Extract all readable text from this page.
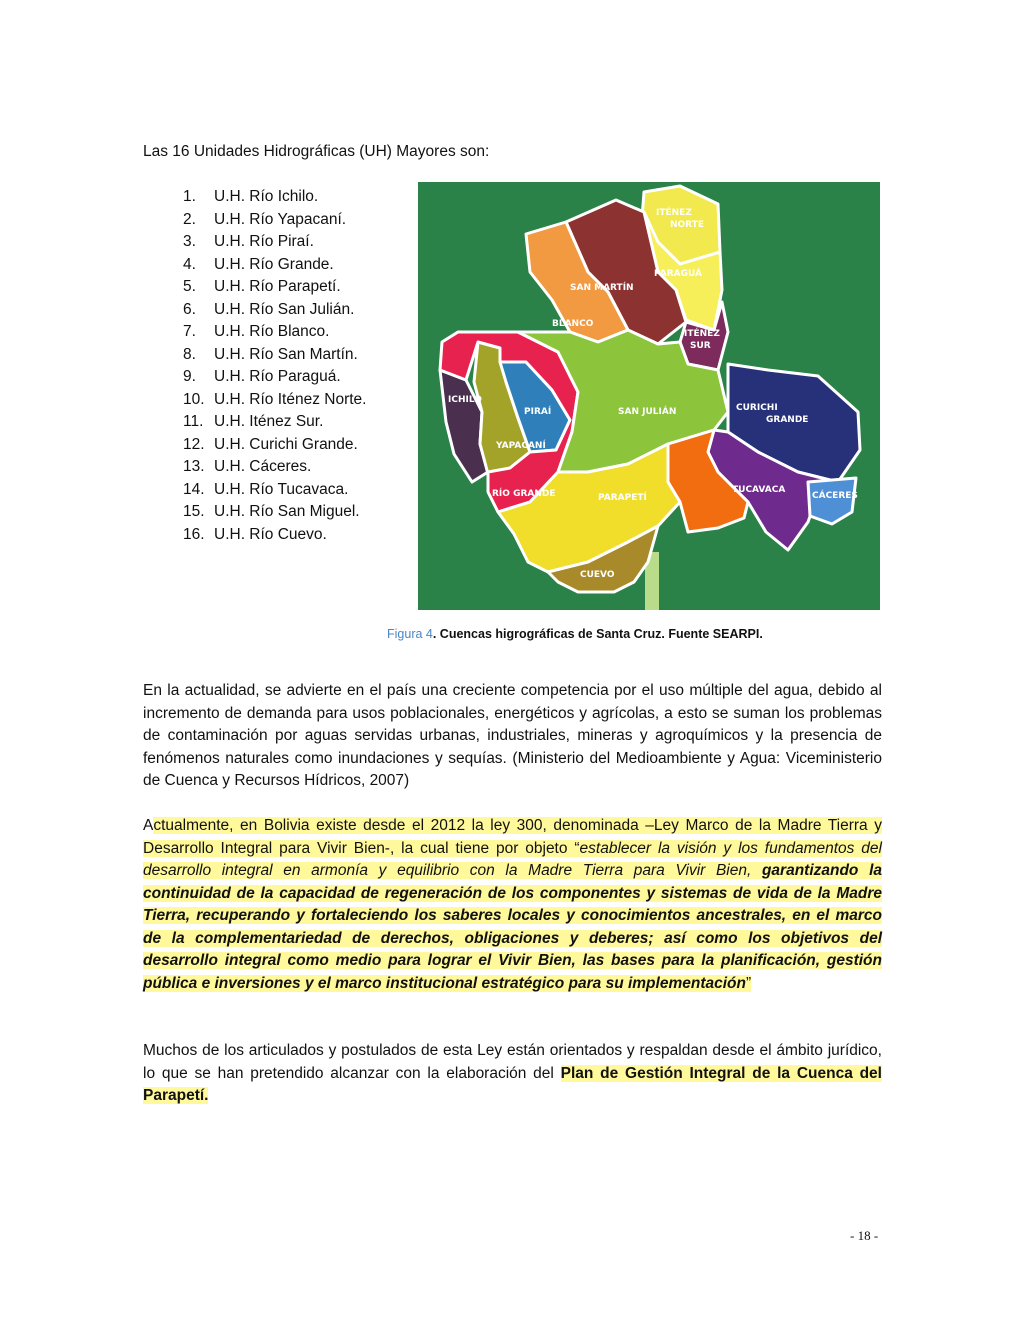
Las 16 Unidades Hidrográficas (UH) Mayores son:
1.	U.H. Río Ichilo.
2.	U.H. Río Yapacaní.
3.	U.H. Río Piraí.
4.	U.H. Río Grande.
5.	U.H. Río Parapetí.
6.	U.H. Río San Julián.
7.	U.H. Río Blanco.
8.	U.H. Río San Martín.
9.	U.H. Río Paraguá.
10. U.H. Río Iténez Norte.
11. U.H. Iténez Sur.
12. U.H. Curichi Grande.
13. U.H. Cáceres.
14. U.H. Río Tucavaca.
15. U.H. Río San Miguel.
16. U.H. Río Cuevo.
ITÉNEZ
NORTE
PARAGUÁ
SAN MARTÍN
BLANCO
ITÉNEZ
SUR
ICHILO
PIRAÍ
YAPACANÍ
RÍO GRANDE
SAN JULIÁN	CURICHI
GRANDE
TUCAVACA
CÁCERES
PARAPETÍ
CUEVO
Figura 4. Cuencas higrográficas de Santa Cruz. Fuente SEARPI.

En la actualidad, se advierte en el país una creciente competencia por el uso múltiple del agua, debido al incremento de demanda para usos poblacionales, energéticos y agrícolas, a esto se suman los problemas de contaminación por aguas servidas urbanas, industriales, mineras y agroquímicos y la presencia de fenómenos naturales como inundaciones y sequías. (Ministerio del Medioambiente y Agua: Viceministerio de Cuenca y Recursos Hídricos, 2007)

Actualmente, en Bolivia existe desde el 2012 la ley 300, denominada –Ley Marco de la Madre Tierra y Desarrollo Integral para Vivir Bien-, la cual tiene por objeto “establecer la visión y los fundamentos del desarrollo integral en armonía y equilibrio con la Madre Tierra para Vivir Bien, garantizando la continuidad de la capacidad de regeneración de los componentes y sistemas de vida de la Madre Tierra, recuperando y fortaleciendo los saberes locales y conocimientos ancestrales, en el marco de la complementariedad de derechos, obligaciones y deberes; así como los objetivos del desarrollo integral como medio para lograr el Vivir Bien, las bases para la planificación, gestión pública e inversiones y el marco institucional estratégico para su implementación”

Muchos de los articulados y postulados de esta Ley están orientados y respaldan desde el ámbito jurídico, lo que se han pretendido alcanzar con la elaboración del Plan de Gestión Integral de la Cuenca del Parapetí.

- 18 -
